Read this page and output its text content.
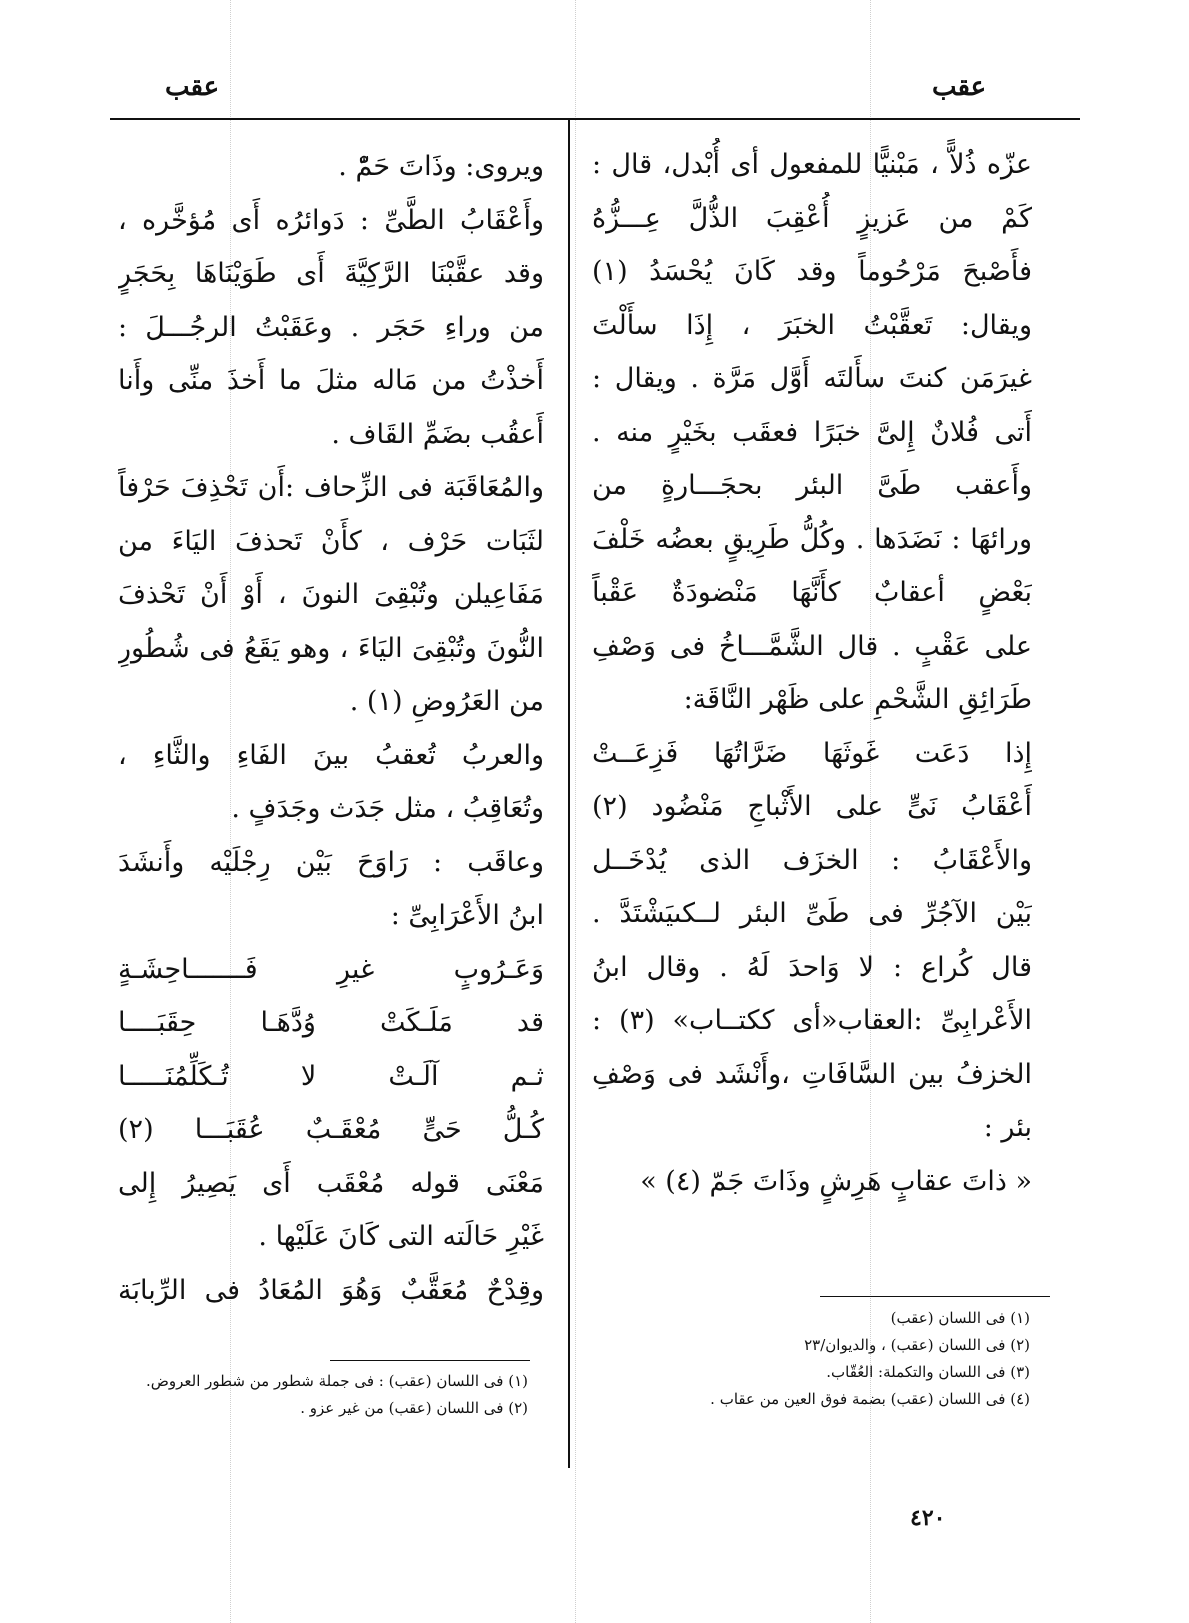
عقب	عقب
عزّه ذُلاًّ ، مَبْنيًّا للمفعول أى أُبْدل، قال :
كَمْ من عَزيزٍ أُعْقِبَ الذُّلَّ عِـــزُّهُ
فأَصْبحَ مَرْحُوماً وقد كَانَ يُحْسَدُ (١)
ويقال: تَعقَّبْتُ الخبَرَ ، إِذَا سأَلْتَ
غيرَمَن كنتَ سأَلتَه أَوَّل مَرَّة . ويقال :
أَتى فُلانٌ إِلىَّ خبَرًا فعقَب بخَيْرٍ منه .
وأَعقب طَىَّ البئر بحجَـــارةٍ من
ورائهَا : نَضَدَها . وكُلُّ طَرِيقٍ بعضُه خَلْفَ
بَعْضٍ أعقابٌ كأَنَّهَا مَنْضودَةٌ عَقْباً
على عَقْبٍ . قال الشَّمَّـــاخُ فى وَصْفِ
طَرَائِقِ الشَّحْمِ على ظَهْر النَّاقَة:
إِذا دَعَت غَوثَهَا ضَرَّاتُهَا فَزِعَــتْ
أَعْقَابُ نَىٍّ على الأَثْباجِ مَنْضُود (٢)
والأَعْقَابُ : الخزَف الذى يُدْخَــل
بَيْن الآجُرِّ فى طَىِّ البئر لــكىيَشْتَدَّ .
قال كُراع : لا وَاحدَ لَهُ . وقال ابنُ
الأَعْرابِىِّ :العقاب«أى ككتــاب» (٣) :
الخزفُ بين السَّافَاتِ ،وأَنْشَد فى وَصْفِ
بئر :
« ذاتَ عقابٍ هَرِشٍ وذَاتَ جَمّ (٤) »
(١) فى اللسان (عقب)
(٢) فى اللسان (عقب) ، والديوان/٢٣
(٣) فى اللسان والتكملة: العُقّاب.
(٤) فى اللسان (عقب) بضمة فوق العين من عقاب .
ويروى: وذَاتَ حَمّْ .
وأَعْقَابُ الطَّىِّ : دَوائرُه أَى مُؤخَّره ،
وقد عقَّبْنَا الرَّكِيَّةَ أَى طَوَيْنَاهَا بِحَجَرٍ
من وراءِ حَجَر . وعَقَبْتُ الرجُـــلَ :
أَخذْتُ من مَاله مثلَ ما أَخذَ منِّى وأَنا
أَعقُب بضَمِّ القَاف .
والمُعَاقَبَة فى الزِّحاف :أَن تَحْذِفَ حَرْفاً
لثَبَات حَرْف ، كأَنْ تَحذفَ اليَاءَ من
مَفَاعِيلن وتُبْقِىَ النونَ ، أَوْ أَنْ تَحْذفَ
النُّونَ وتُبْقِىَ اليَاءَ ، وهو يَقَعُ فى شُطُورِ
من العَرُوضِ (١) .
والعربُ تُعقبُ بينَ الفَاءِ والثَّاءِ ،
وتُعَاقِبُ ، مثل جَدَث وجَدَفٍ .
وعاقَب : رَاوَحَ بَيْن رِجْلَيْه وأَنشَدَ
ابنُ الأَعْرَابِىِّ :
وَعَـرُوبٍ غيرِ فَـــــــاحِشَـةٍ
قد مَلَـكَتْ وُدَّهَـا حِقَبَــــا
ثـم آلَـتْ لا تُـكَلِّمُنَـــــا
كُـلُّ حَىٍّ مُعْقَـبٌ عُقَبَـــا (٢)
مَعْنَى قوله مُعْقَب أَى يَصِيرُ إِلى
غَيْرِ حَالَته التى كَانَ عَلَيْها .
وقِدْحٌ مُعَقَّبٌ وَهُوَ المُعَادُ فى الرِّبابَة
(١) فى اللسان (عقب) : فى جملة شطور من شطور العروض.
(٢) فى اللسان (عقب) من غير عزو .
٤٢٠
